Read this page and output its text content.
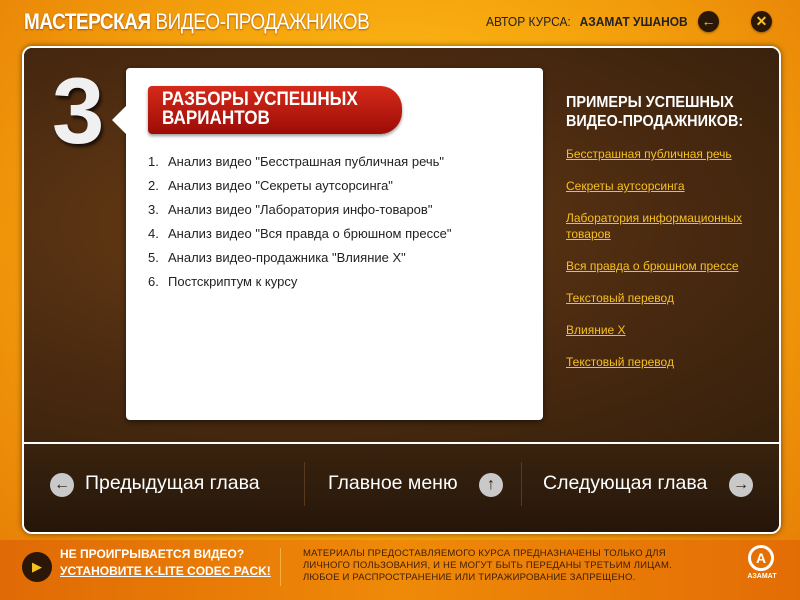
МАСТЕРСКАЯ ВИДЕО-ПРОДАЖНИКОВ	АВТОР КУРСА: АЗАМАТ УШАНОВ ←	✕
3	РАЗБОРЫ УСПЕШНЫХ
ВАРИАНТОВ
1. Анализ видео "Бесстрашная публичная речь"
2. Анализ видео "Секреты аутсорсинга"
3. Анализ видео "Лаборатория инфо-товаров"
4. Анализ видео "Вся правда о брюшном прессе"
5. Анализ видео-продажника "Влияние Х"
6. Постскриптум к курсу
ПРИМЕРЫ УСПЕШНЫХ
ВИДЕО-ПРОДАЖНИКОВ:
Бесстрашная публичная речь
Секреты аутсорсинга
Лаборатория информационных товаров
Вся правда о брюшном прессе
Текстовый перевод
Влияние Х
Текстовый перевод
← Предыдущая глава	Главное меню	↑	Следующая глава →
▶
НЕ ПРОИГРЫВАЕТСЯ ВИДЕО?
УСТАНОВИТЕ K-LITE CODEC PACK!
МАТЕРИАЛЫ ПРЕДОСТАВЛЯЕМОГО КУРСА ПРЕДНАЗНАЧЕНЫ ТОЛЬКО ДЛЯ ЛИЧНОГО ПОЛЬЗОВАНИЯ, И НЕ МОГУТ БЫТЬ ПЕРЕДАНЫ ТРЕТЬИМ ЛИЦАМ. ЛЮБОЕ И РАСПРОСТРАНЕНИЕ ИЛИ ТИРАЖИРОВАНИЕ ЗАПРЕЩЕНО.
A
АЗАМАТ
